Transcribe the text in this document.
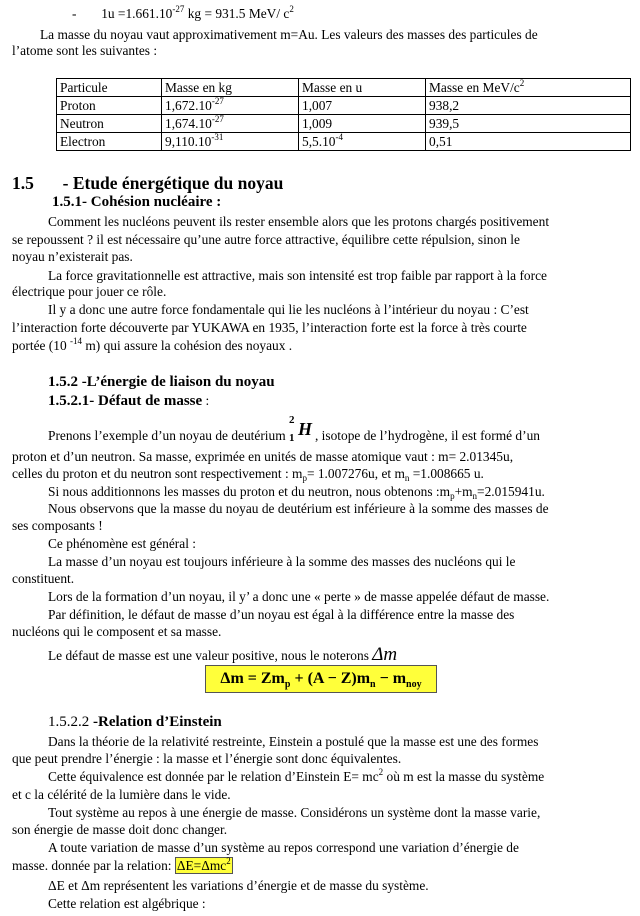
- $1u =1.661.10^{-27}$ kg = 931.5 MeV/ $c^2$
La masse du noyau vaut approximativement m=Au. Les valeurs des masses des particules de
l’atome sont les suivantes :
Particule	Masse en kg	Masse en u	Masse en MeV/$c^2$
Proton	$1,672.10^{-27}$	1,007	938,2
Neutron	$1,674.10^{-27}$	1,009	939,5
Electron	$9,110.10^{-31}$	$5,5.10^{-4}$	0,51
1.5 - Etude énergétique du noyau
1.5.1- Cohésion nucléaire :
Comment les nucléons peuvent ils rester ensemble alors que les protons chargés positivement
se repoussent ? il est nécessaire qu’une autre force attractive, équilibre cette répulsion, sinon le
noyau n’existerait pas.
La force gravitationnelle est attractive, mais son intensité est trop faible par rapport à la force
électrique pour jouer ce rôle.
Il y a donc une autre force fondamentale qui lie les nucléons à l’intérieur du noyau : C’est
l’interaction forte découverte par YUKAWA en 1935, l’interaction forte est la force à très courte
portée (10 $^{-14}$ m) qui assure la cohésion des noyaux .
1.5.2 -L’énergie de liaison du noyau
1.5.2.1- Défaut de masse :
Prenons l’exemple d’un noyau de deutérium
2
1 H , isotope de l’hydrogène, il est formé d’un
proton et d’un neutron. Sa masse, exprimée en unités de masse atomique vaut : m= 2.01345u,
celles du proton et du neutron sont respectivement : $m_p= 1.007276u$, et $m_n =1.008665$ u.
Si nous additionnons les masses du proton et du neutron, nous obtenons $:m_p+m_n=2.015941u$.
Nous observons que la masse du noyau de deutérium est inférieure à la somme des masses de
ses composants !
Ce phénomène est général :
La masse d’un noyau est toujours inférieure à la somme des masses des nucléons qui le
constituent.
Lors de la formation d’un noyau, il y’ a donc une « perte » de masse appelée défaut de masse.
Par définition, le défaut de masse d’un noyau est égal à la différence entre la masse des
nucléons qui le composent et sa masse.
Le défaut de masse est une valeur positive, nous le noterons Δm
$\Delta m = Zm_p + (A - Z)m_n - m_{noy}$
1.5.2.2 -Relation d’Einstein
Dans la théorie de la relativité restreinte, Einstein a postulé que la masse est une des formes
que peut prendre l’énergie : la masse et l’énergie sont donc équivalentes.
Cette équivalence est donnée par le relation d’Einstein $E= mc^2$ où m est la masse du système
et c la célérité de la lumière dans le vide.
Tout système au repos à une énergie de masse. Considérons un système dont la masse varie,
son énergie de masse doit donc changer.
A toute variation de masse d’un système au repos correspond une variation d’énergie de
masse. donnée par la relation: ΔE=Δmc$^2$
ΔE et Δm représentent les variations d’énergie et de masse du système.
Cette relation est algébrique :
